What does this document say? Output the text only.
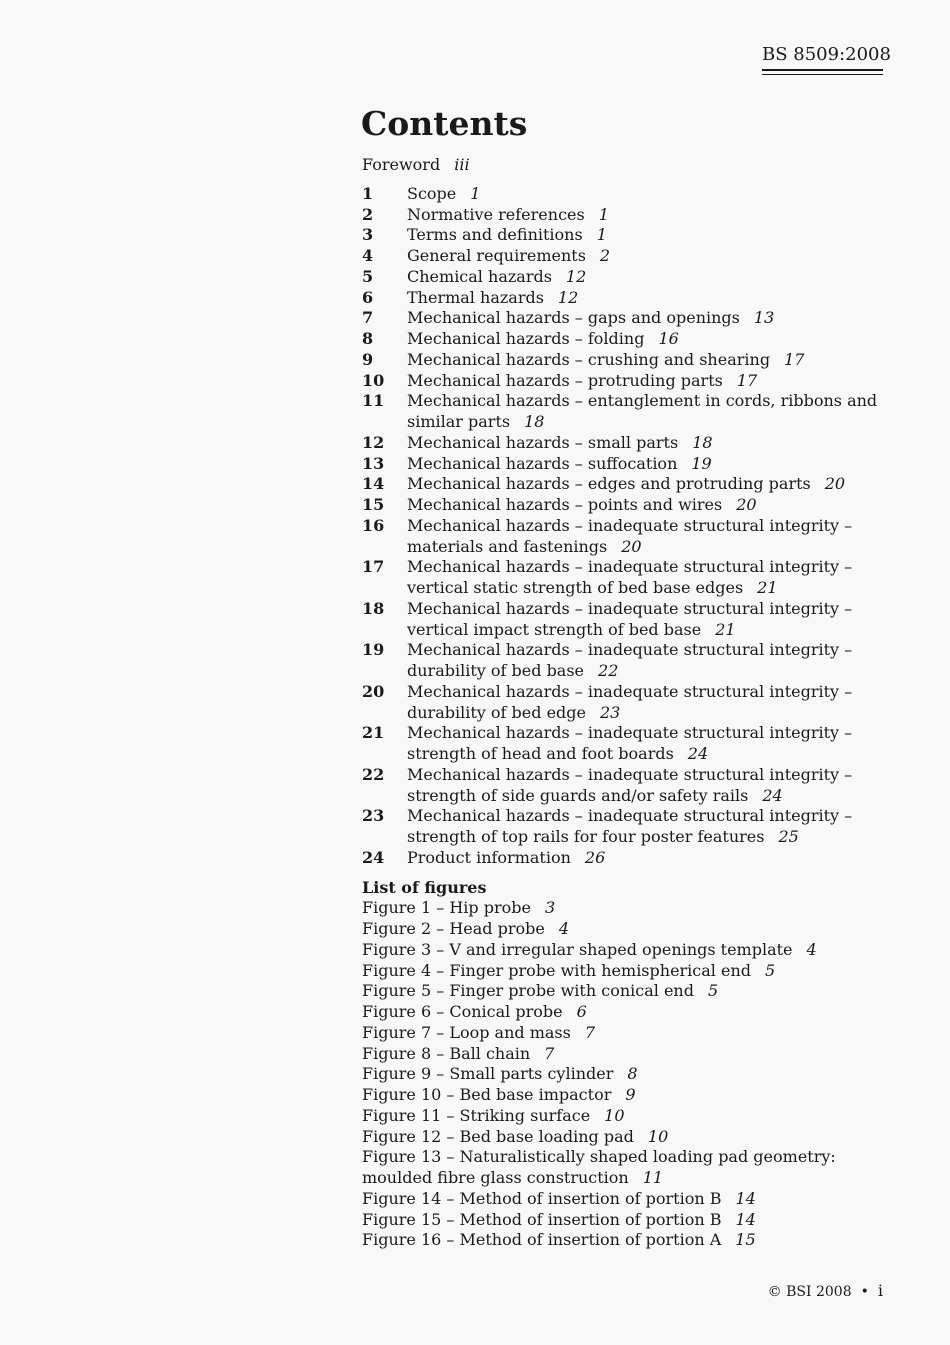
BS 8509:2008
Contents
Foreword iii
1	Scope 1
2	Normative references 1
3	Terms and definitions 1
4	General requirements 2
5	Chemical hazards 12
6	Thermal hazards 12
7	Mechanical hazards – gaps and openings 13
8	Mechanical hazards – folding 16
9	Mechanical hazards – crushing and shearing 17
10	Mechanical hazards – protruding parts 17
11	Mechanical hazards – entanglement in cords, ribbons and similar parts 18
12	Mechanical hazards – small parts 18
13	Mechanical hazards – suffocation 19
14	Mechanical hazards – edges and protruding parts 20
15	Mechanical hazards – points and wires 20
16	Mechanical hazards – inadequate structural integrity – materials and fastenings 20
17	Mechanical hazards – inadequate structural integrity – vertical static strength of bed base edges 21
18	Mechanical hazards – inadequate structural integrity – vertical impact strength of bed base 21
19	Mechanical hazards – inadequate structural integrity – durability of bed base 22
20	Mechanical hazards – inadequate structural integrity – durability of bed edge 23
21	Mechanical hazards – inadequate structural integrity – strength of head and foot boards 24
22	Mechanical hazards – inadequate structural integrity – strength of side guards and/or safety rails 24
23	Mechanical hazards – inadequate structural integrity – strength of top rails for four poster features 25
24	Product information 26
List of figures
Figure 1 – Hip probe 3
Figure 2 – Head probe 4
Figure 3 – V and irregular shaped openings template 4
Figure 4 – Finger probe with hemispherical end 5
Figure 5 – Finger probe with conical end 5
Figure 6 – Conical probe 6
Figure 7 – Loop and mass 7
Figure 8 – Ball chain 7
Figure 9 – Small parts cylinder 8
Figure 10 – Bed base impactor 9
Figure 11 – Striking surface 10
Figure 12 – Bed base loading pad 10
Figure 13 – Naturalistically shaped loading pad geometry: moulded fibre glass construction 11
Figure 14 – Method of insertion of portion B 14
Figure 15 – Method of insertion of portion B 14
Figure 16 – Method of insertion of portion A 15
© BSI 2008 • i
